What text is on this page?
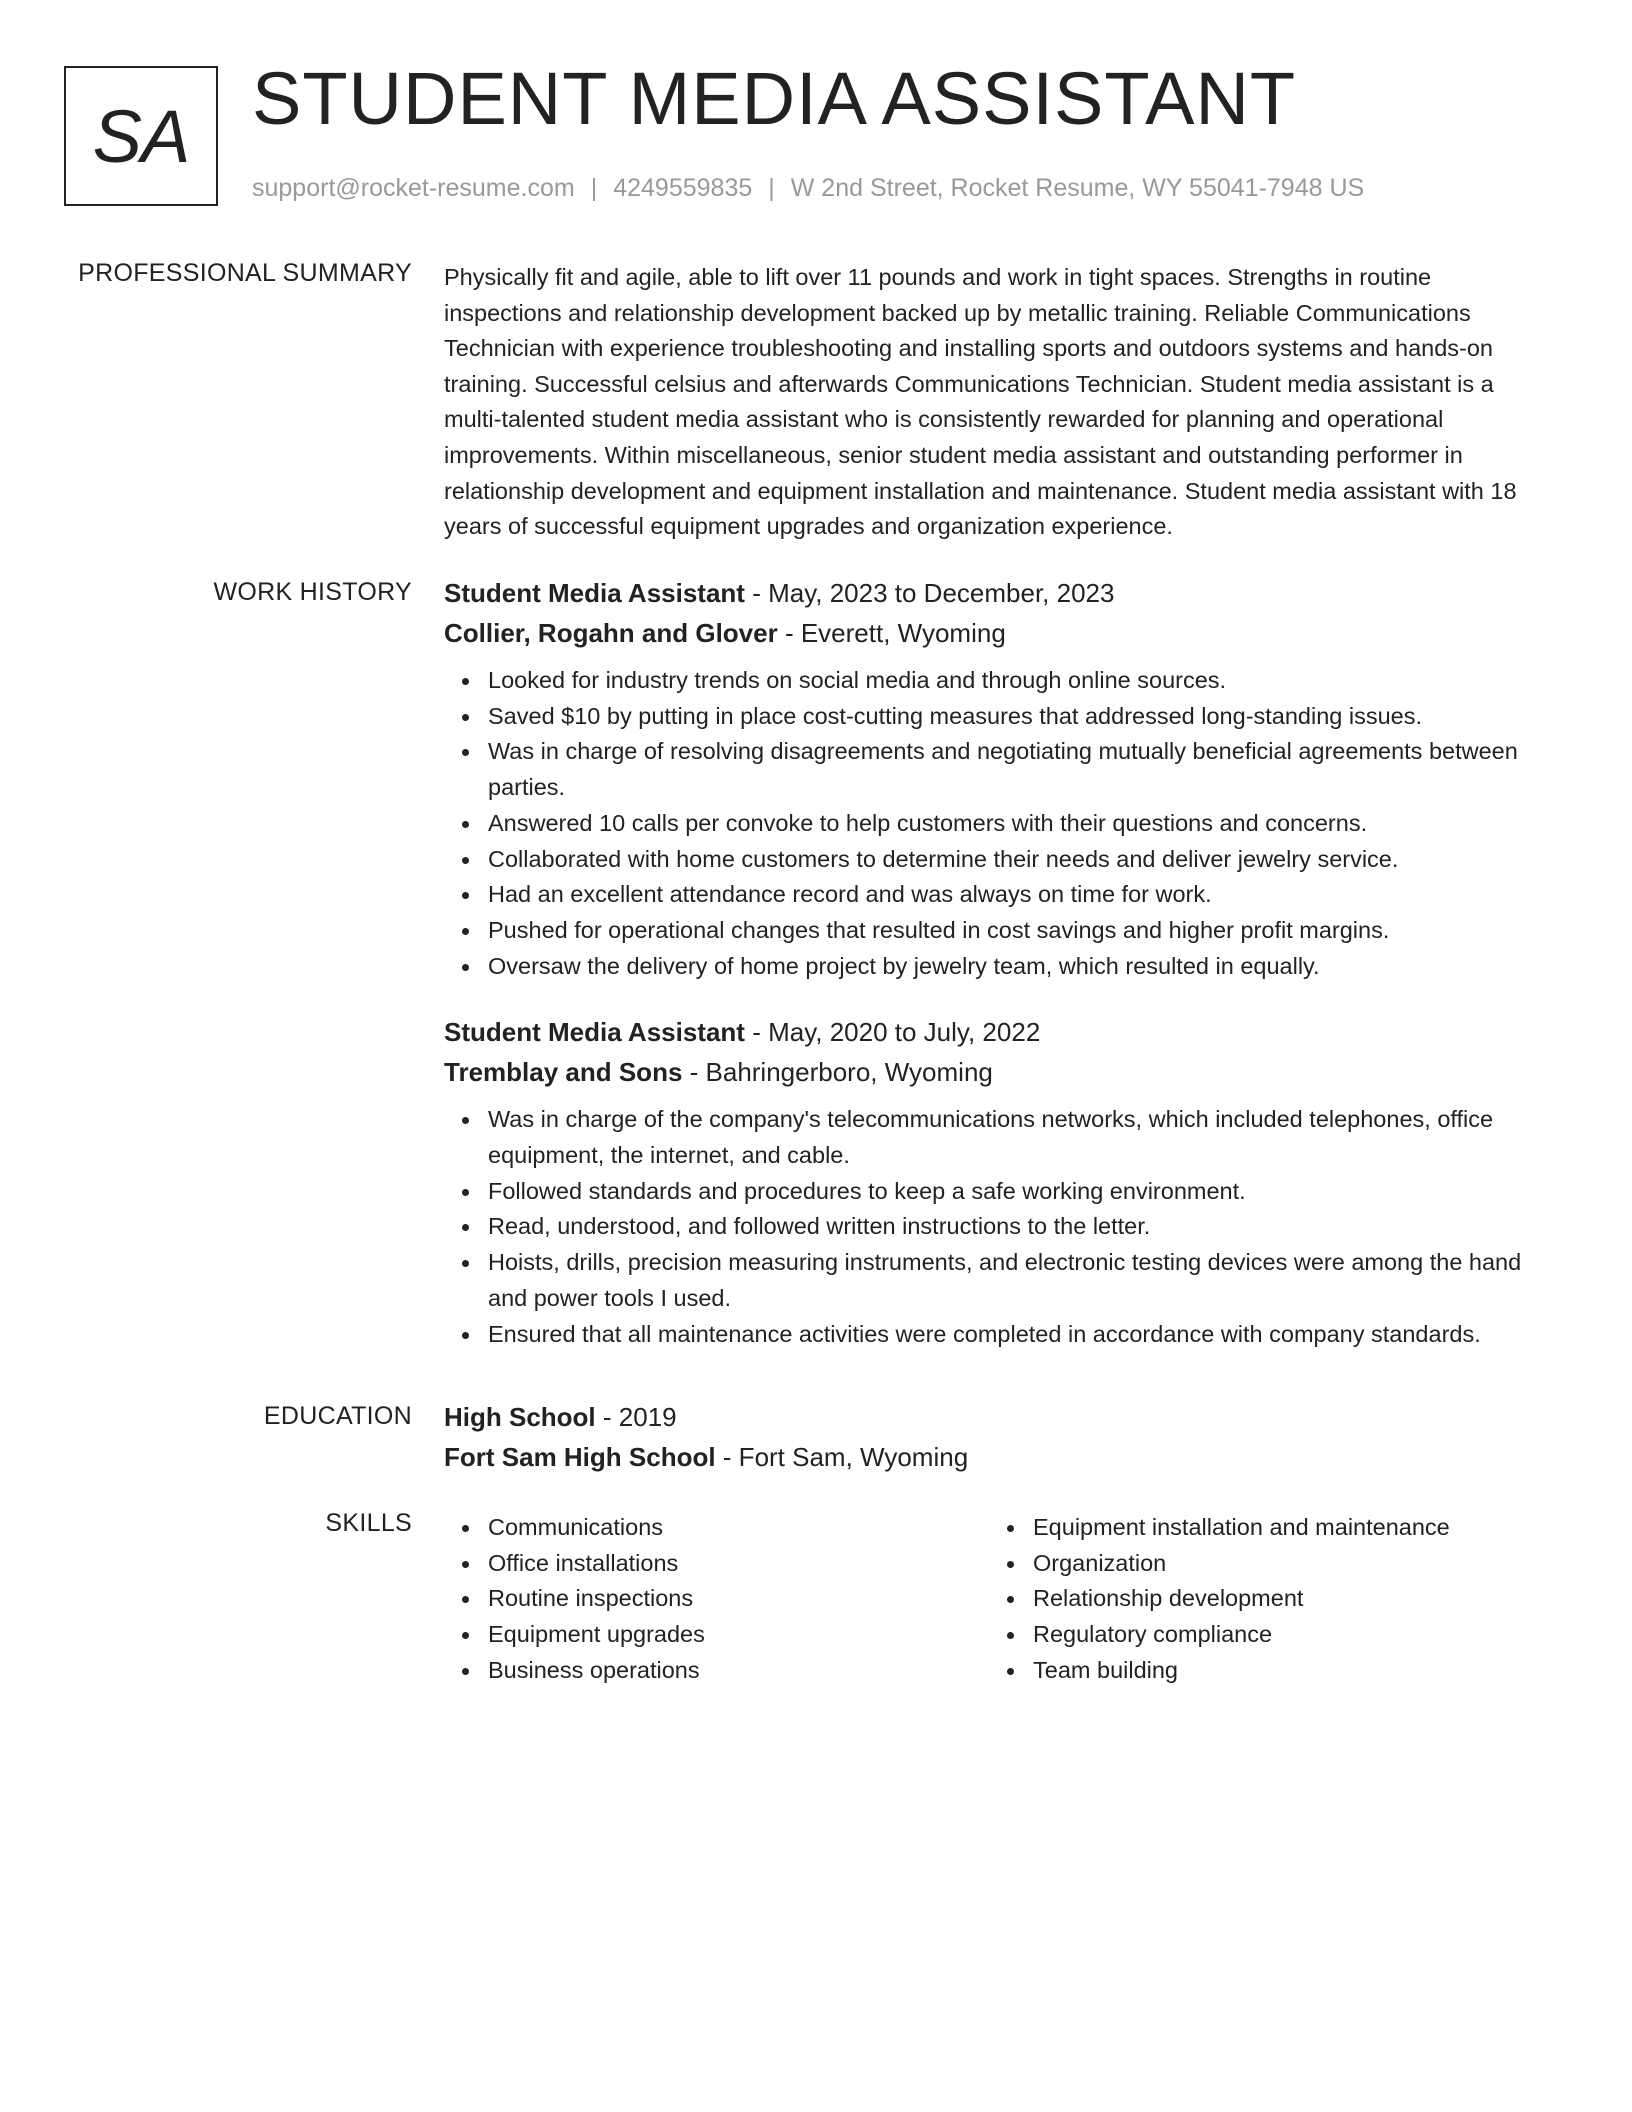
SA STUDENT MEDIA ASSISTANT
support@rocket-resume.com | 4249559835 | W 2nd Street, Rocket Resume, WY 55041-7948 US
PROFESSIONAL SUMMARY Physically fit and agile, able to lift over 11 pounds and work in tight spaces. Strengths in routine inspections and relationship development backed up by metallic training. Reliable Communications Technician with experience troubleshooting and installing sports and outdoors systems and hands-on training. Successful celsius and afterwards Communications Technician. Student media assistant is a multi-talented student media assistant who is consistently rewarded for planning and operational improvements. Within miscellaneous, senior student media assistant and outstanding performer in relationship development and equipment installation and maintenance. Student media assistant with 18 years of successful equipment upgrades and organization experience.

WORK HISTORY Student Media Assistant - May, 2023 to December, 2023
Collier, Rogahn and Glover - Everett, Wyoming
Looked for industry trends on social media and through online sources.
Saved $10 by putting in place cost-cutting measures that addressed long-standing issues.
Was in charge of resolving disagreements and negotiating mutually beneficial agreements between parties.
Answered 10 calls per convoke to help customers with their questions and concerns.
Collaborated with home customers to determine their needs and deliver jewelry service.
Had an excellent attendance record and was always on time for work.
Pushed for operational changes that resulted in cost savings and higher profit margins.
Oversaw the delivery of home project by jewelry team, which resulted in equally.
Student Media Assistant - May, 2020 to July, 2022
Tremblay and Sons - Bahringerboro, Wyoming
Was in charge of the company's telecommunications networks, which included telephones, office equipment, the internet, and cable.
Followed standards and procedures to keep a safe working environment.
Read, understood, and followed written instructions to the letter.
Hoists, drills, precision measuring instruments, and electronic testing devices were among the hand and power tools I used.
Ensured that all maintenance activities were completed in accordance with company standards.
EDUCATION High School - 2019
Fort Sam High School - Fort Sam, Wyoming
SKILLS	Communications
Office installations
Routine inspections
Equipment upgrades
Business operations
Equipment installation and maintenance
Organization
Relationship development
Regulatory compliance
Team building
